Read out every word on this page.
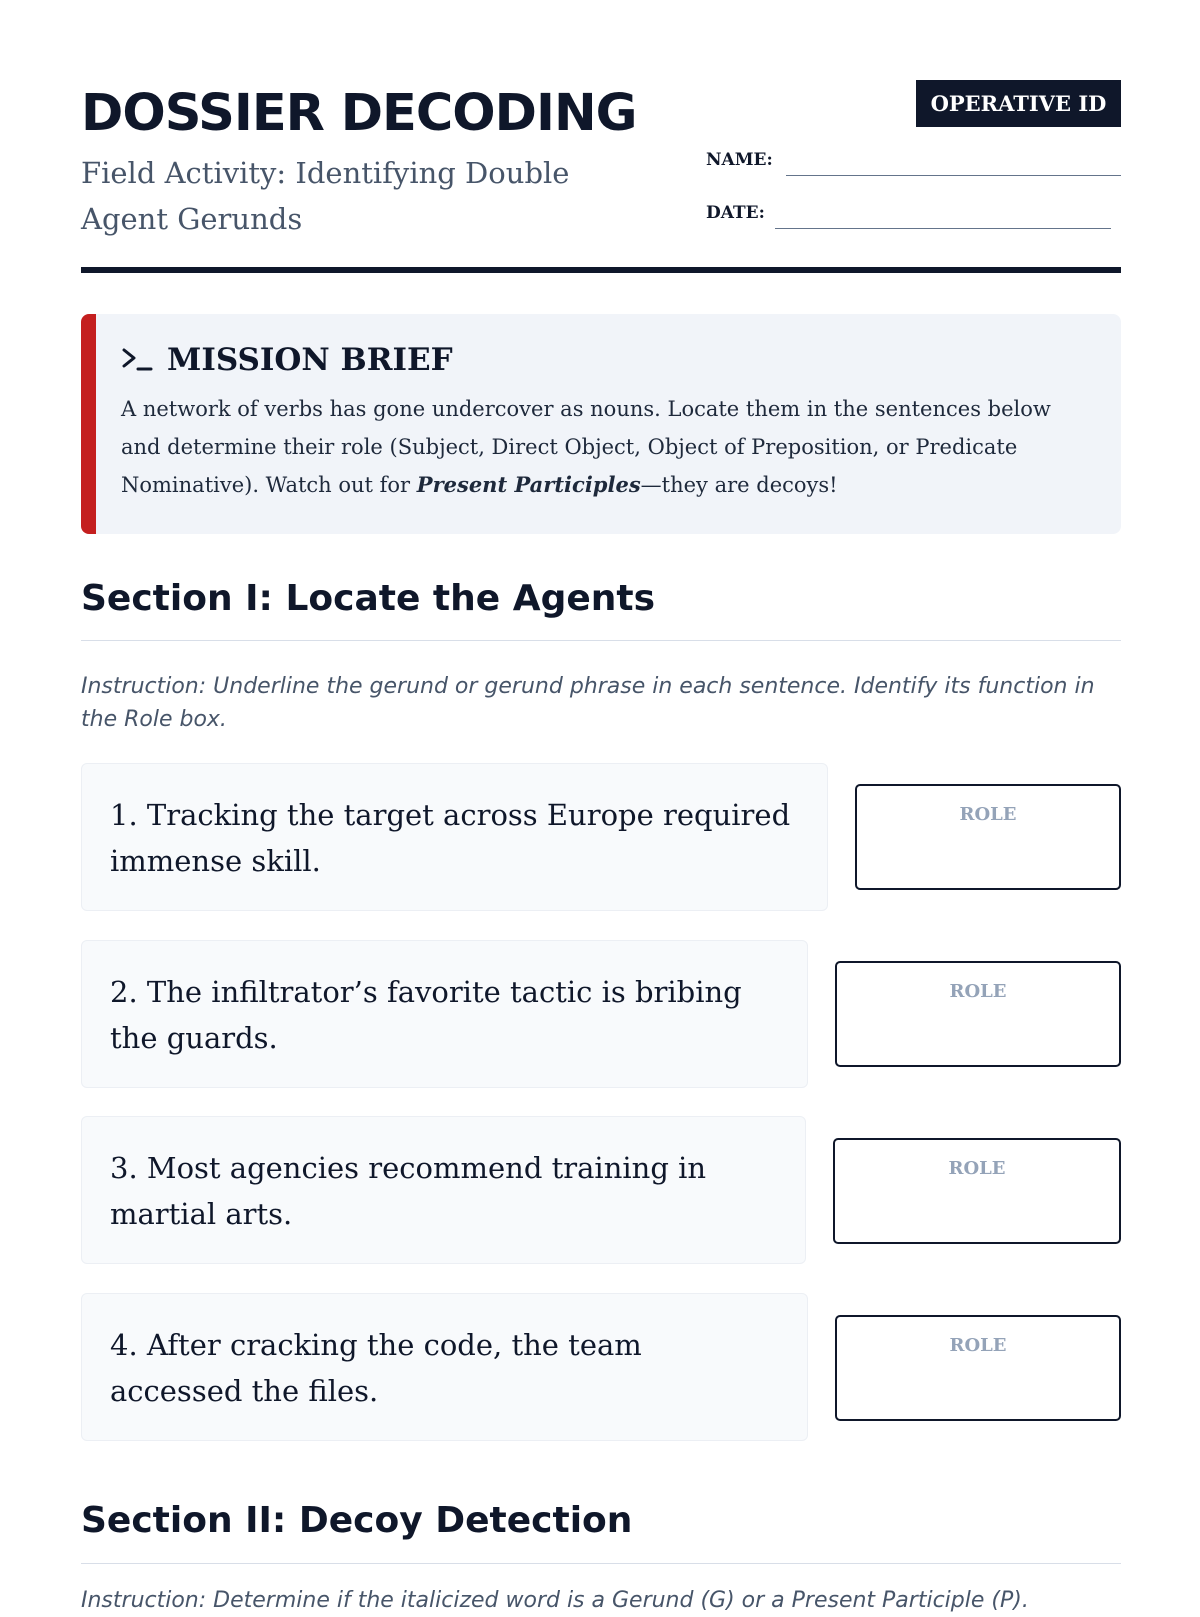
DOSSIER DECODING
Field Activity: Identifying Double Agent Gerunds
OPERATIVE ID
NAME:
DATE:
MISSION BRIEF
A network of verbs has gone undercover as nouns. Locate them in the sentences below and determine their role (Subject, Direct Object, Object of Preposition, or Predicate Nominative). Watch out for Present Participles—they are decoys!
Section I: Locate the Agents
Instruction: Underline the gerund or gerund phrase in each sentence. Identify its function in the Role box.
1. Tracking the target across Europe required immense skill.
ROLE
2. The infiltrator’s favorite tactic is bribing the guards.
ROLE
3. Most agencies recommend training in martial arts.
ROLE
4. After cracking the code, the team accessed the files.
ROLE
Section II: Decoy Detection
Instruction: Determine if the italicized word is a Gerund (G) or a Present Participle (P).
